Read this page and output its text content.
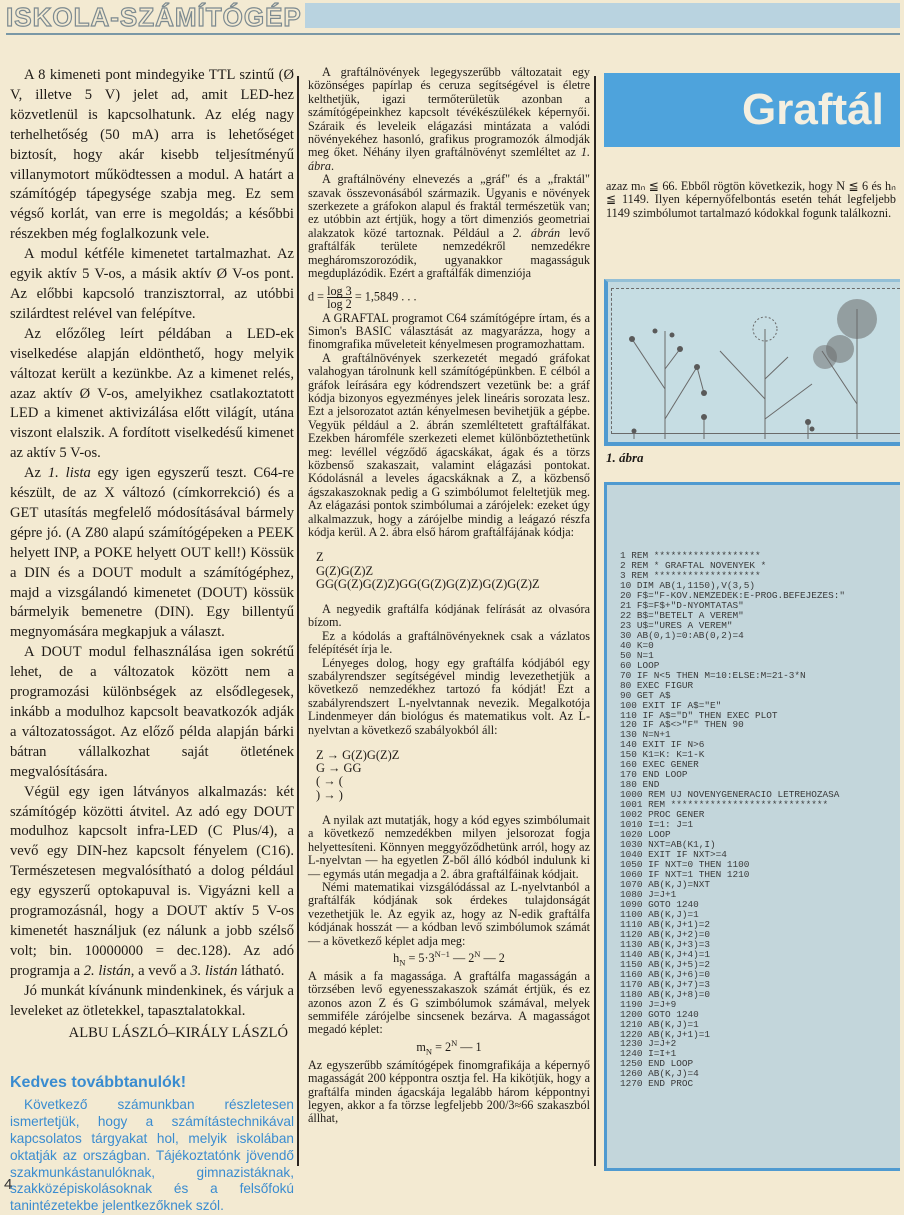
ISKOLA-SZÁMÍTÓGÉP

A 8 kimeneti pont mindegyike TTL szintű (Ø V, illetve 5 V) jelet ad, amit LED-hez közvetlenül is kapcsolhatunk. Az elég nagy terhelhetőség (50 mA) arra is lehetőséget biztosít, hogy akár kisebb teljesítményű villanymotort működtessen a modul. A határt a számítógép tápegysége szabja meg. Ez sem végső korlát, van erre is megoldás; a későbbi részekben még foglalkozunk vele.

A modul kétféle kimenetet tartalmazhat. Az egyik aktív 5 V-os, a másik aktív Ø V-os pont. Az előbbi kapcsoló tranzisztorral, az utóbbi szilárdtest relével van felépítve.

Az előzőleg leírt példában a LED-ek viselkedése alapján eldönthető, hogy melyik változat került a kezünkbe. Az a kimenet relés, azaz aktív Ø V-os, amelyikhez csatlakoztatott LED a kimenet aktivizálása előtt világít, utána viszont elalszik. A fordított viselkedésű kimenet az aktív 5 V-os.

Az 1. lista egy igen egyszerű teszt. C64-re készült, de az X változó (címkorrekció) és a GET utasítás megfelelő módosításával bármely gépre jó. (A Z80 alapú számítógépeken a PEEK helyett INP, a POKE helyett OUT kell!) Kössük a DIN és a DOUT modult a számítógéphez, majd a vizsgálandó kimenetet (DOUT) kössük bármelyik bemenetre (DIN). Egy billentyű megnyomására megkapjuk a választ.

A DOUT modul felhasználása igen sokrétű lehet, de a változatok között nem a programozási különbségek az elsődlegesek, inkább a modulhoz kapcsolt beavatkozók adják a változatosságot. Az előző példa alapján bárki bátran vállalkozhat saját ötletének megvalósítására.

Végül egy igen látványos alkalmazás: két számítógép közötti átvitel. Az adó egy DOUT modulhoz kapcsolt infra-LED (C Plus/4), a vevő egy DIN-hez kapcsolt fényelem (C16). Természetesen megvalósítható a dolog például egy egyszerű optokapuval is. Vigyázni kell a programozásnál, hogy a DOUT aktív 5 V-os kimenetét használjuk (ez nálunk a jobb szélső volt; bin. 10000000 = dec.128). Az adó programja a 2. listán, a vevő a 3. listán látható.

Jó munkát kívánunk mindenkinek, és várjuk a leveleket az ötletekkel, tapasztalatokkal.

ALBU LÁSZLÓ–KIRÁLY LÁSZLÓ
Kedves továbbtanulók!
Következő számunkban részletesen ismertetjük, hogy a számítástechnikával kapcsolatos tárgyakat hol, melyik iskolában oktatják az országban. Tájékoztatónk jövendő szakmunkástanulóknak, gimnazistáknak, szakközépiskolásoknak és a felsőfokú tanintézetekbe jelentkezőknek szól.
4

A graftálnövények legegyszerűbb változatait egy közönséges papírlap és ceruza segítségével is életre kelthetjük, igazi termőterületük azonban a számítógépeinkhez kapcsolt tévékészülékek képernyői. Száraik és leveleik elágazási mintázata a valódi növényekéhez hasonló, grafikus programozók álmodják meg őket. Néhány ilyen graftálnövényt szemléltet az 1. ábra.

A graftálnövény elnevezés a „gráf" és a „fraktál" szavak összevonásából származik. Ugyanis e növények szerkezete a gráfokon alapul és fraktál természetük van; ez utóbbin azt értjük, hogy a tört dimenziós geometriai alakzatok közé tartoznak. Például a 2. ábrán levő graftálfák területe nemzedékről nemzedékre megháromszorozódik, ugyanakkor magasságuk megduplázódik. Ezért a graftálfák dimenziója

$d = \frac{\log 3}{\log 2} = 1,5849$ . . .

A GRAFTAL programot C64 számítógépre írtam, és a Simon's BASIC választását az magyarázza, hogy a finomgrafika műveleteit kényelmesen programozhattam.

A graftálnövények szerkezetét megadó gráfokat valahogyan tárolnunk kell számítógépünkben. E célból a gráfok leírására egy kódrendszert vezetünk be: a gráf kódja bizonyos egyezményes jelek lineáris sorozata lesz. Ezt a jelsorozatot aztán kényelmesen bevihetjük a gépbe. Vegyük például a 2. ábrán szemléltetett graftálfákat. Ezekben háromféle szerkezeti elemet különböztethetünk meg: levéllel végződő ágacskákat, ágak és a törzs közbenső szakaszait, valamint elágazási pontokat. Kódolásnál a leveles ágacskáknak a Z, a közbenső ágszakaszoknak pedig a G szimbólumot feleltetjük meg. Az elágazási pontok szimbólumai a zárójelek: ezeket úgy alkalmazzuk, hogy a zárójelbe mindig a leágazó részfa kódja kerül. A 2. ábra első három graftálfájának kódja:

Z
G(Z)G(Z)Z
GG(G(Z)G(Z)Z)GG(G(Z)G(Z)Z)G(Z)G(Z)Z

A negyedik graftálfa kódjának felírását az olvasóra bízom.

Ez a kódolás a graftálnövényeknek csak a vázlatos felépítését írja le.

Lényeges dolog, hogy egy graftálfa kódjából egy szabályrendszer segítségével mindig levezethetjük a következő nemzedékhez tartozó fa kódját! Ezt a szabályrendszert L-nyelvtannak nevezik. Megalkotója Lindenmeyer dán biológus és matematikus volt. Az L-nyelvtan a következő szabályokból áll:

Z → G(Z)G(Z)Z
G → GG
( → (
) → )

A nyilak azt mutatják, hogy a kód egyes szimbólumait a következő nemzedékben milyen jelsorozat fogja helyettesíteni. Könnyen meggyőződhetünk arról, hogy az L-nyelvtan — ha egyetlen Z-ből álló kódból indulunk ki — egymás után megadja a 2. ábra graftálfáinak kódjait.

Némi matematikai vizsgálódással az L-nyelvtanból a graftálfák kódjának sok érdekes tulajdonságát vezethetjük le. Az egyik az, hogy az N-edik graftálfa kódjának hosszát — a kódban levő szimbólumok számát — a következő képlet adja meg:

$h_N = 5\cdot 3^{N-1}$ — $2^N$ — 2

A másik a fa magassága. A graftálfa magasságán a törzsében levő egyenesszakaszok számát értjük, és ez azonos azon Z és G szimbólumok számával, melyek semmiféle zárójelbe sincsenek bezárva. A magasságot megadó képlet:

$m_N = 2^N$ — 1

Az egyszerűbb számítógépek finomgrafikája a képernyő magasságát 200 képpontra osztja fel. Ha kikötjük, hogy a graftálfa minden ágacskája legalább három képpontnyi legyen, akkor a fa törzse legfeljebb 200/3≈66 szakaszból állhat,

Graftál
azaz mₙ ≦ 66. Ebből rögtön következik, hogy N ≦ 6 és hₙ ≦ 1149. Ilyen képernyőfelbontás esetén tehát legfeljebb 1149 szimbólumot tartalmazó kódokkal fogunk találkozni.
1. ábra
1 REM *******************
2 REM * GRAFTAL NOVENYEK *
3 REM *******************
10 DIM AB(1,1150),V(3,5)
20 F$="F-KOV.NEMZEDEK:E-PROG.BEFEJEZES:"
21 F$=F$+"D-NYOMTATAS"
22 B$="BETELT A VEREM"
23 U$="URES A VEREM"
30 AB(0,1)=0:AB(0,2)=4
40 K=0
50 N=1
60 LOOP
70 IF N<5 THEN M=10:ELSE:M=21-3*N
80 EXEC FIGUR
90 GET A$
100 EXIT IF A$="E"
110 IF A$="D" THEN EXEC PLOT
120 IF A$<>"F" THEN 90
130 N=N+1
140 EXIT IF N>6
150 K1=K: K=1-K
160 EXEC GENER
170 END LOOP
180 END
1000 REM UJ NOVENYGENERACIO LETREHOZASA
1001 REM ****************************
1002 PROC GENER
1010 I=1: J=1
1020 LOOP
1030 NXT=AB(K1,I)
1040 EXIT IF NXT>=4
1050 IF NXT=0 THEN 1100
1060 IF NXT=1 THEN 1210
1070 AB(K,J)=NXT
1080 J=J+1
1090 GOTO 1240
1100 AB(K,J)=1
1110 AB(K,J+1)=2
1120 AB(K,J+2)=0
1130 AB(K,J+3)=3
1140 AB(K,J+4)=1
1150 AB(K,J+5)=2
1160 AB(K,J+6)=0
1170 AB(K,J+7)=3
1180 AB(K,J+8)=0
1190 J=J+9
1200 GOTO 1240
1210 AB(K,J)=1
1220 AB(K,J+1)=1
1230 J=J+2
1240 I=I+1
1250 END LOOP
1260 AB(K,J)=4
1270 END PROC
